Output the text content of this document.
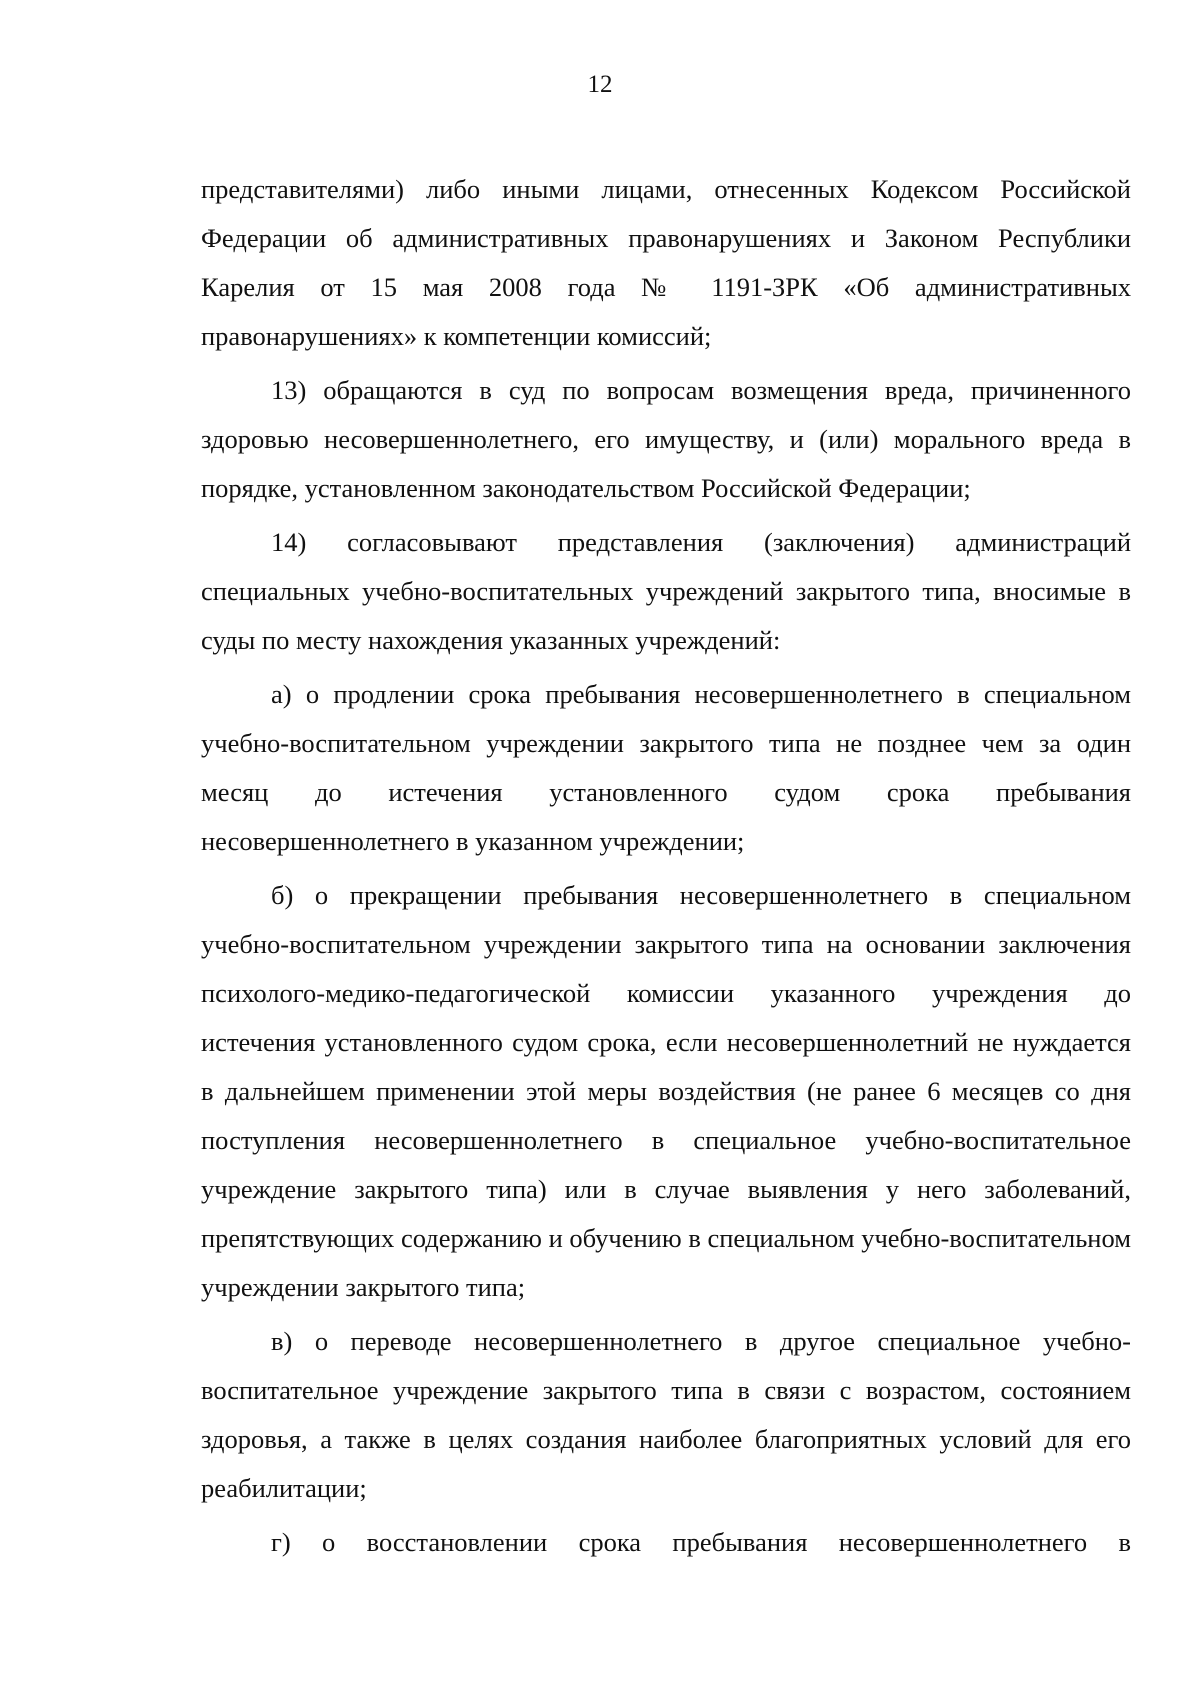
12

представителями) либо иными лицами, отнесенных Кодексом Российской Федерации об административных правонарушениях и Законом Республики Карелия от 15 мая 2008 года № 1191-ЗРК «Об административных правонарушениях» к компетенции комиссий;

13) обращаются в суд по вопросам возмещения вреда, причиненного здоровью несовершеннолетнего, его имуществу, и (или) морального вреда в порядке, установленном законодательством Российской Федерации;

14) согласовывают представления (заключения) администраций специальных учебно-воспитательных учреждений закрытого типа, вносимые в суды по месту нахождения указанных учреждений:

а) о продлении срока пребывания несовершеннолетнего в специальном учебно-воспитательном учреждении закрытого типа не позднее чем за один месяц до истечения установленного судом срока пребывания несовершеннолетнего в указанном учреждении;

б) о прекращении пребывания несовершеннолетнего в специальном учебно-воспитательном учреждении закрытого типа на основании заключения психолого-медико-педагогической комиссии указанного учреждения до истечения установленного судом срока, если несовершеннолетний не нуждается в дальнейшем применении этой меры воздействия (не ранее 6 месяцев со дня поступления несовершеннолетнего в специальное учебно-воспитательное учреждение закрытого типа) или в случае выявления у него заболеваний, препятствующих содержанию и обучению в специальном учебно-воспитательном учреждении закрытого типа;

в) о переводе несовершеннолетнего в другое специальное учебно-воспитательное учреждение закрытого типа в связи с возрастом, состоянием здоровья, а также в целях создания наиболее благоприятных условий для его реабилитации;

г) о восстановлении срока пребывания несовершеннолетнего в
